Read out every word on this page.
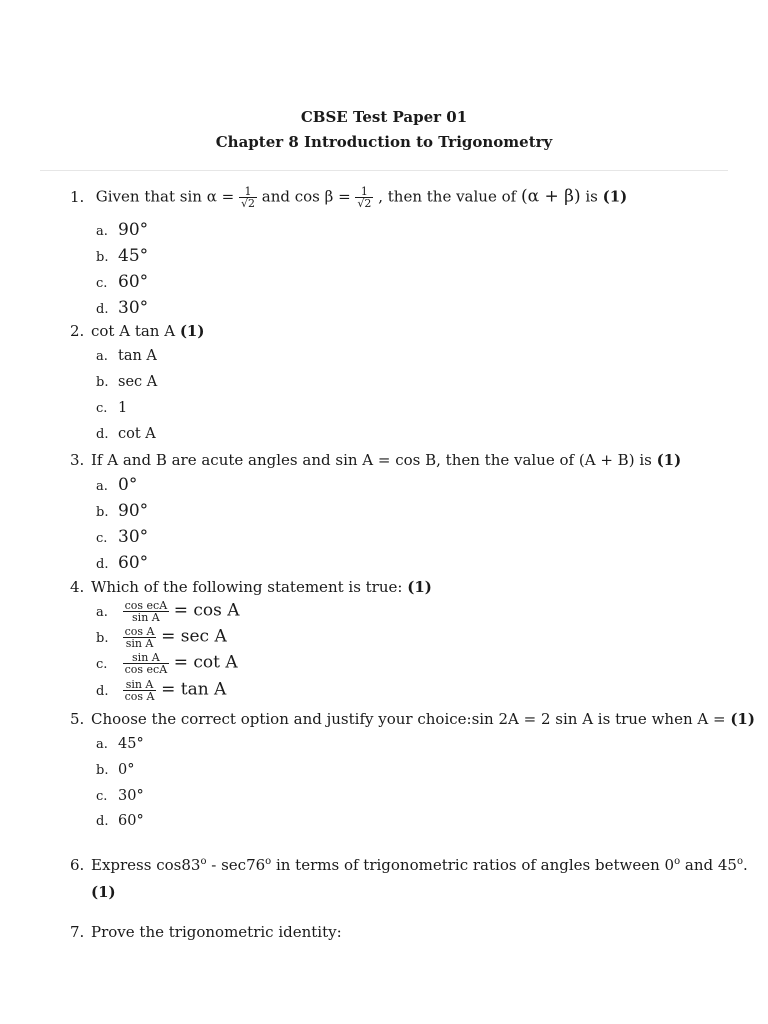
CBSE Test Paper 01
Chapter 8 Introduction to Trigonometry
1. Given that $\sin \alpha = \frac{1}{√2}$ and $\cos \beta = \frac{1}{√2}$ , then the value of (α + β) is (1)
a. 90°
b. 45°
c. 60°
d. 30°
2. cot A tan A (1)
a. tan A
b. sec A
c. 1
d. cot A
3. If A and B are acute angles and sin A = cos B, then the value of (A + B) is (1)
a. 0°
b. 90°
c. 30°
d. 60°
4. Which of the following statement is true: (1)
a. $\frac{\text{cos ecA}}{\text{sin A}} = \cos A$
b. $\frac{\text{cos A}}{\text{sin A}} = \sec A$
c. $\frac{\text{sin A}}{\text{cos ecA}} = \cot A$
d. $\frac{\text{sin A}}{\text{cos A}} = \tan A$
5. Choose the correct option and justify your choice:sin 2A = 2 sin A is true when A = (1)
a. 45°
b. 0°
c. 30°
d. 60°
6. Express cos83$^o$ - sec76$^o$ in terms of trigonometric ratios of angles between 0$^o$ and 45$^o$.
(1)
7. Prove the trigonometric identity:
